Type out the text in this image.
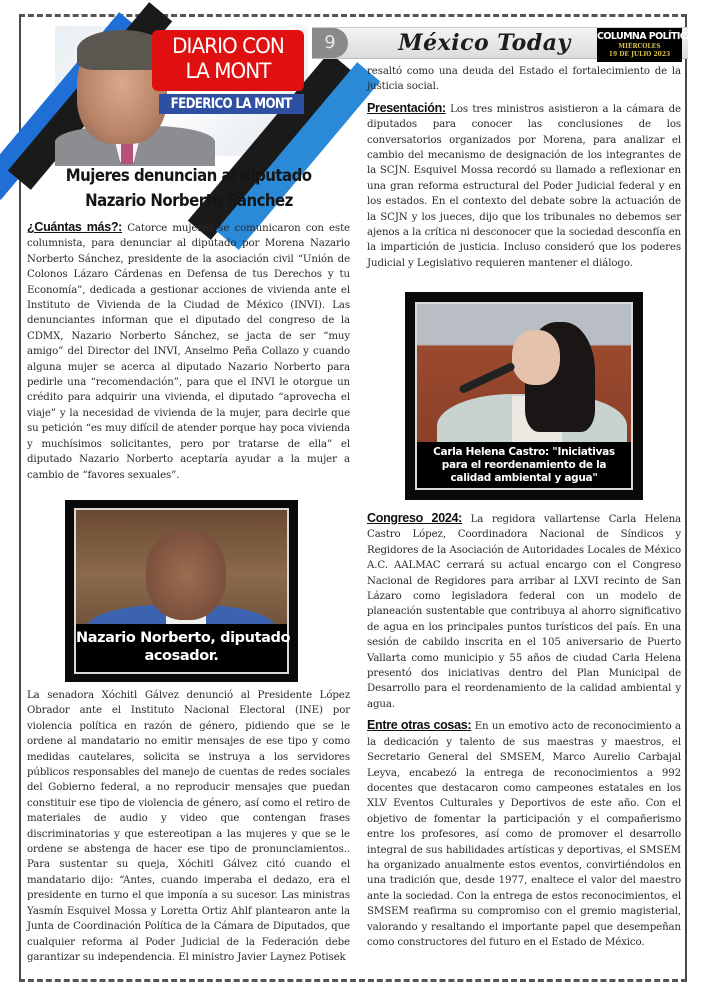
DIARIO CON
LA MONT
FEDERICO LA MONT
9	México Today	COLUMNA POLÍTICA
MIÉRCOLES
19 DE JULIO 2023
Mujeres denuncian al diputado
Nazario Norberto Sánchez

¿Cuántas más?: Catorce mujeres se comunicaron con este columnista, para denunciar al diputado por Morena Nazario Norberto Sánchez, presidente de la asociación civil “Unión de Colonos Lázaro Cárdenas en Defensa de tus Derechos y tu Economía”, dedicada a gestionar acciones de vivienda ante el Instituto de Vivienda de la Ciudad de México (INVI). Las denunciantes informan que el diputado del congreso de la CDMX, Nazario Norberto Sánchez, se jacta de ser “muy amigo” del Director del INVI, Anselmo Peña Collazo y cuando alguna mujer se acerca al diputado Nazario Norberto para pedirle una “recomendación”, para que el INVI le otorgue un crédito para adquirir una vivienda, el diputado “aprovecha el viaje” y la necesidad de vivienda de la mujer, para decirle que su petición “es muy difícil de atender porque hay poca vivienda y muchísimos solicitantes, pero por tratarse de ella” el diputado Nazario Norberto aceptaría ayudar a la mujer a cambio de “favores sexuales”.

Nazario Norberto, diputado
acosador.

La senadora Xóchitl Gálvez denunció al Presidente López Obrador ante el Instituto Nacional Electoral (INE) por violencia política en razón de género, pidiendo que se le ordene al mandatario no emitir mensajes de ese tipo y como medidas cautelares, solicita se instruya a los servidores públicos responsables del manejo de cuentas de redes sociales del Gobierno federal, a no reproducir mensajes que puedan constituir ese tipo de violencia de género, así como el retiro de materiales de audio y video que contengan frases discriminatorias y que estereotipan a las mujeres y que se le ordene se abstenga de hacer ese tipo de pronunciamientos.. Para sustentar su queja, Xóchitl Gálvez citó cuando el mandatario dijo: “Antes, cuando imperaba el dedazo, era el presidente en turno el que imponía a su sucesor. Las ministras Yasmín Esquivel Mossa y Loretta Ortiz Ahlf plantearon ante la Junta de Coordinación Política de la Cámara de Diputados, que cualquier reforma al Poder Judicial de la Federación debe garantizar su independencia. El ministro Javier Laynez Potisek

resaltó como una deuda del Estado el fortalecimiento de la justicia social.

Presentación: Los tres ministros asistieron a la cámara de diputados para conocer las conclusiones de los conversatorios organizados por Morena, para analizar el cambio del mecanismo de designación de los integrantes de la SCJN. Esquivel Mossa recordó su llamado a reflexionar en una gran reforma estructural del Poder Judicial federal y en los estados. En el contexto del debate sobre la actuación de la SCJN y los jueces, dijo que los tribunales no debemos ser ajenos a la crítica ni desconocer que la sociedad desconfía en la impartición de justicia. Incluso consideró que los poderes Judicial y Legislativo requieren mantener el diálogo.

Carla Helena Castro: "Iniciativas
para el reordenamiento de la
calidad ambiental y agua"

Congreso 2024: La regidora vallartense Carla Helena Castro López, Coordinadora Nacional de Síndicos y Regidores de la Asociación de Autoridades Locales de México A.C. AALMAC cerrará su actual encargo con el Congreso Nacional de Regidores para arribar al LXVI recinto de San Lázaro como legisladora federal con un modelo de planeación sustentable que contribuya al ahorro significativo de agua en los principales puntos turísticos del país. En una sesión de cabildo inscrita en el 105 aniversario de Puerto Vallarta como municipio y 55 años de ciudad Carla Helena presentó dos iniciativas dentro del Plan Municipal de Desarrollo para el reordenamiento de la calidad ambiental y agua.

Entre otras cosas: En un emotivo acto de reconocimiento a la dedicación y talento de sus maestras y maestros, el Secretario General del SMSEM, Marco Aurelio Carbajal Leyva, encabezó la entrega de reconocimientos a 992 docentes que destacaron como campeones estatales en los XLV Eventos Culturales y Deportivos de este año. Con el objetivo de fomentar la participación y el compañerismo entre los profesores, así como de promover el desarrollo integral de sus habilidades artísticas y deportivas, el SMSEM ha organizado anualmente estos eventos, convirtiéndolos en una tradición que, desde 1977, enaltece el valor del maestro ante la sociedad. Con la entrega de estos reconocimientos, el SMSEM reafirma su compromiso con el gremio magisterial, valorando y resaltando el importante papel que desempeñan como constructores del futuro en el Estado de México.
